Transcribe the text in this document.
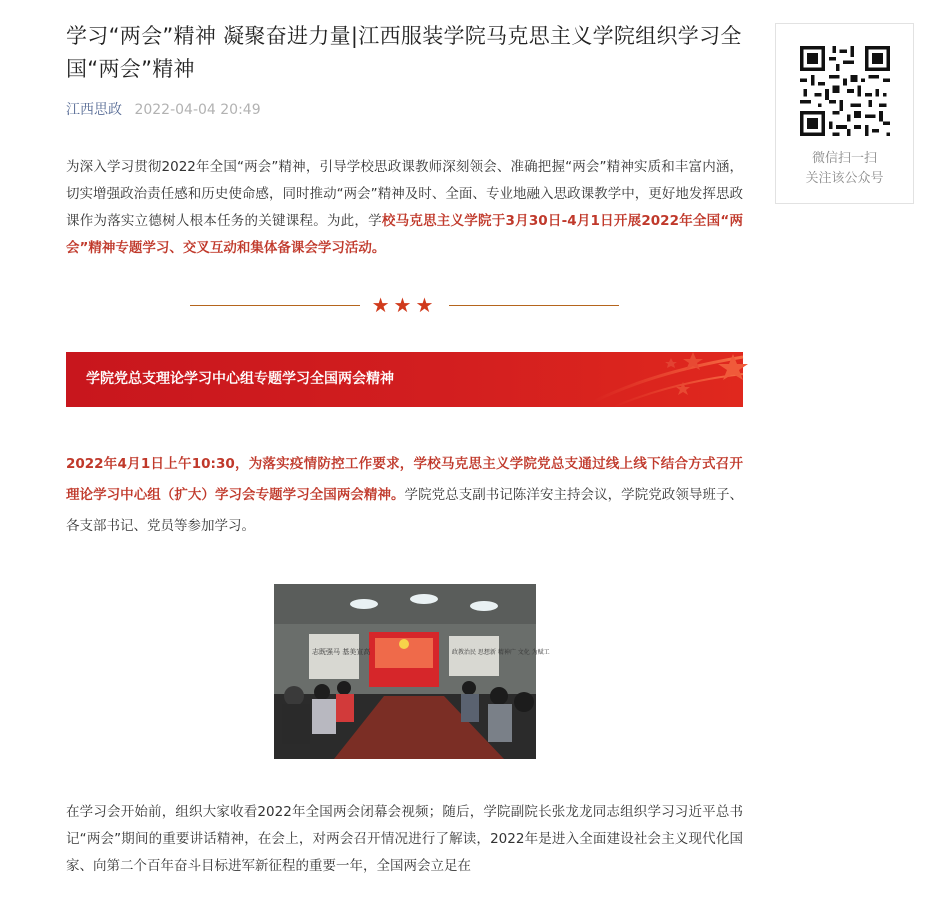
学习“两会”精神 凝聚奋进力量|江西服装学院马克思主义学院组织学习全国“两会”精神
江西思政 2022-04-04 20:49

为深入学习贯彻2022年全国“两会”精神，引导学校思政课教师深刻领会、准确把握“两会”精神实质和丰富内涵，切实增强政治责任感和历史使命感，同时推动“两会”精神及时、全面、专业地融入思政课教学中，更好地发挥思政课作为落实立德树人根本任务的关键课程。为此，学校马克思主义学院于3月30日-4月1日开展2022年全国“两会”精神专题学习、交叉互动和集体备课会学习活动。

★★★
学院党总支理论学习中心组专题学习全国两会精神

2022年4月1日上午10:30，为落实疫情防控工作要求，学校马克思主义学院党总支通过线上线下结合方式召开理论学习中心组（扩大）学习会专题学习全国两会精神。学院党总支副书记陈洋安主持会议，学院党政领导班子、各支部书记、党员等参加学习。

志既强马 基美宣高	政教治民 思想新 精神广 文化 为赋工

在学习会开始前，组织大家收看2022年全国两会闭幕会视频；随后，学院副院长张龙龙同志组织学习习近平总书记“两会”期间的重要讲话精神，在会上，对两会召开情况进行了解读，2022年是进入全面建设社会主义现代化国家、向第二个百年奋斗目标进军新征程的重要一年，全国两会立足在

微信扫一扫
关注该公众号
